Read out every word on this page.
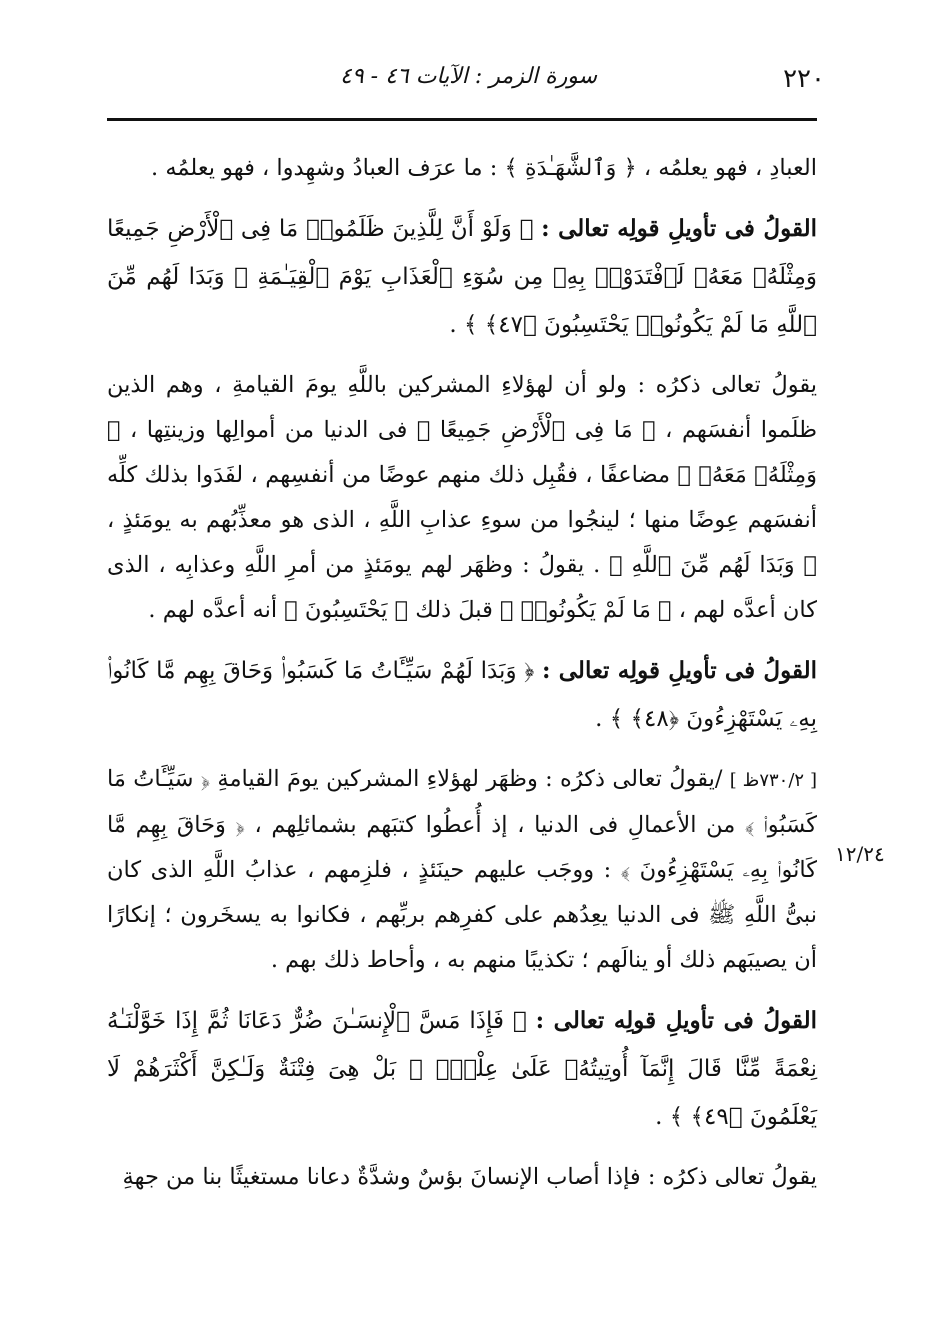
٢٢٠
سورة الزمر : الآيات ٤٦ - ٤٩
١٢/٢٤

العبادِ ، فهو يعلمُه ، ﴿ وَٱلشَّهَـٰدَةِ ﴾ : ما عرَف العبادُ وشهِدوا ، فهو يعلمُه .

القولُ فى تأويلِ قولِه تعالى : ﴿ وَلَوْ أَنَّ لِلَّذِينَ ظَلَمُوا۟ مَا فِى ٱلْأَرْضِ جَمِيعًا وَمِثْلَهُۥ مَعَهُۥ لَٱفْتَدَوْا۟ بِهِۦ مِن سُوٓءِ ٱلْعَذَابِ يَوْمَ ٱلْقِيَـٰمَةِ ۚ وَبَدَا لَهُم مِّنَ ٱللَّهِ مَا لَمْ يَكُونُوا۟ يَحْتَسِبُونَ ﴿٤٧﴾ ﴾ .

يقولُ تعالى ذكرُه : ولو أن لهؤلاءِ المشركين باللَّهِ يومَ القيامةِ ، وهم الذين ظلَموا أنفسَهم ، ﴿ مَا فِى ٱلْأَرْضِ جَمِيعًا ﴾ فى الدنيا من أموالِها وزينتِها ، ﴿ وَمِثْلَهُۥ مَعَهُۥ ﴾ مضاعفًا ، فقُبِل ذلك منهم عوضًا من أنفسِهم ، لفَدَوا بذلك كلِّه أنفسَهم عِوضًا منها ؛ لينجُوا من سوءِ عذابِ اللَّهِ ، الذى هو معذِّبُهم به يومَئذٍ ، ﴿ وَبَدَا لَهُم مِّنَ ٱللَّهِ ﴾ . يقولُ : وظهَر لهم يومَئذٍ من أمرِ اللَّهِ وعذابِه ، الذى كان أعدَّه لهم ، ﴿ مَا لَمْ يَكُونُوا۟ ﴾ قبلَ ذلك ﴿ يَحْتَسِبُونَ ﴾ أنه أعدَّه لهم .

القولُ فى تأويلِ قولِه تعالى : ﴿ وَبَدَا لَهُمْ سَيِّـَٔاتُ مَا كَسَبُوا۟ وَحَاقَ بِهِم مَّا كَانُوا۟ بِهِۦ يَسْتَهْزِءُونَ ﴿٤٨﴾ ﴾ .

[ ٧٣٠/٢ظ ] /يقولُ تعالى ذكرُه : وظهَر لهؤلاءِ المشركين يومَ القيامةِ ﴿ سَيِّـَٔاتُ مَا كَسَبُوا۟ ﴾ من الأعمالِ فى الدنيا ، إذ أُعطُوا كتبَهم بشمائلِهم ، ﴿ وَحَاقَ بِهِم مَّا كَانُوا۟ بِهِۦ يَسْتَهْزِءُونَ ﴾ : ووجَب عليهم حينَئذٍ ، فلزِمهم ، عذابُ اللَّهِ الذى كان نبىُّ اللَّهِ ﷺ فى الدنيا يعِدُهم على كفرِهم بربِّهم ، فكانوا به يسخَرون ؛ إنكارًا أن يصيبَهم ذلك أو ينالَهم ؛ تكذيبًا منهم به ، وأحاط ذلك بهم .

القولُ فى تأويلِ قولِه تعالى : ﴿ فَإِذَا مَسَّ ٱلْإِنسَـٰنَ ضُرٌّ دَعَانَا ثُمَّ إِذَا خَوَّلْنَـٰهُ نِعْمَةً مِّنَّا قَالَ إِنَّمَآ أُوتِيتُهُۥ عَلَىٰ عِلْمٍۭ ۚ بَلْ هِىَ فِتْنَةٌ وَلَـٰكِنَّ أَكْثَرَهُمْ لَا يَعْلَمُونَ ﴿٤٩﴾ ﴾ .

يقولُ تعالى ذكرُه : فإذا أصاب الإنسانَ بؤسٌ وشدَّةٌ دعانا مستغيثًا بنا من جهةِ
